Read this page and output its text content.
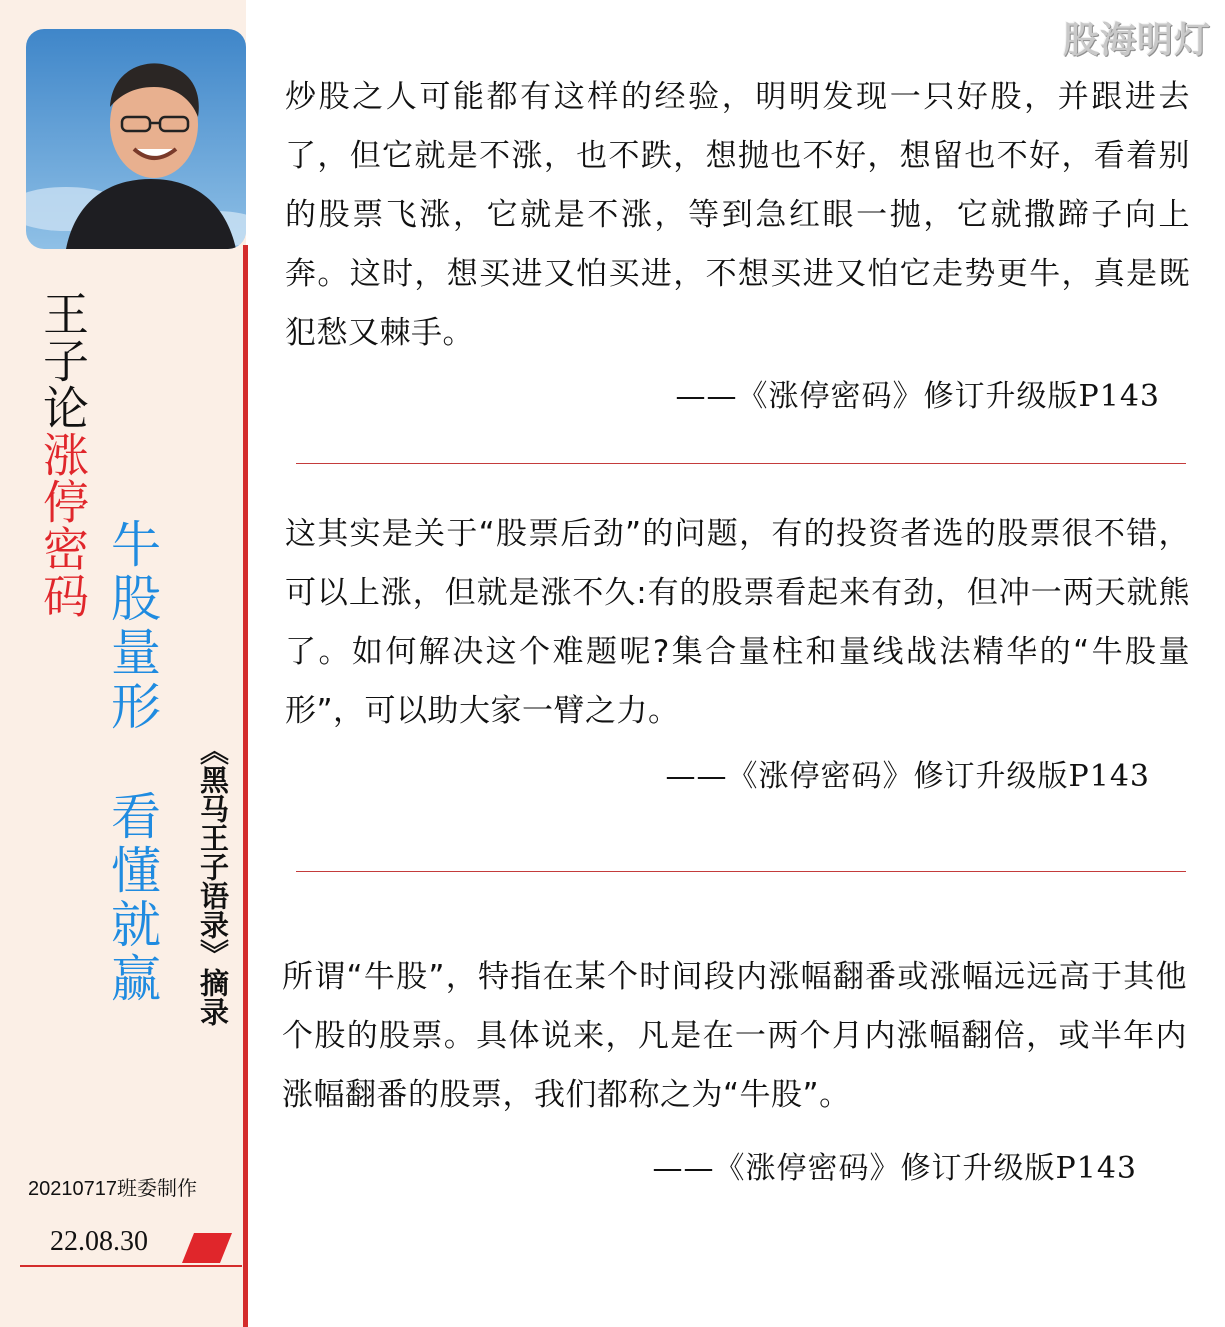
王子论涨停密码 牛股量形
看懂就赢 《黑马王子语录》摘录

20210717班委制作

22.08.30

股海明灯

炒股之人可能都有这样的经验，明明发现一只好股，并跟进去了，但它就是不涨，也不跌，想抛也不好，想留也不好，看着别的股票飞涨，它就是不涨，等到急红眼一抛，它就撒蹄子向上奔。这时，想买进又怕买进，不想买进又怕它走势更牛，真是既犯愁又棘手。

——《涨停密码》修订升级版P143

这其实是关于“股票后劲”的问题，有的投资者选的股票很不错，可以上涨，但就是涨不久:有的股票看起来有劲，但冲一两天就熊了。如何解决这个难题呢?集合量柱和量线战法精华的“牛股量形”，可以助大家一臂之力。

——《涨停密码》修订升级版P143

所谓“牛股”，特指在某个时间段内涨幅翻番或涨幅远远高于其他个股的股票。具体说来，凡是在一两个月内涨幅翻倍，或半年内涨幅翻番的股票，我们都称之为“牛股”。

——《涨停密码》修订升级版P143
